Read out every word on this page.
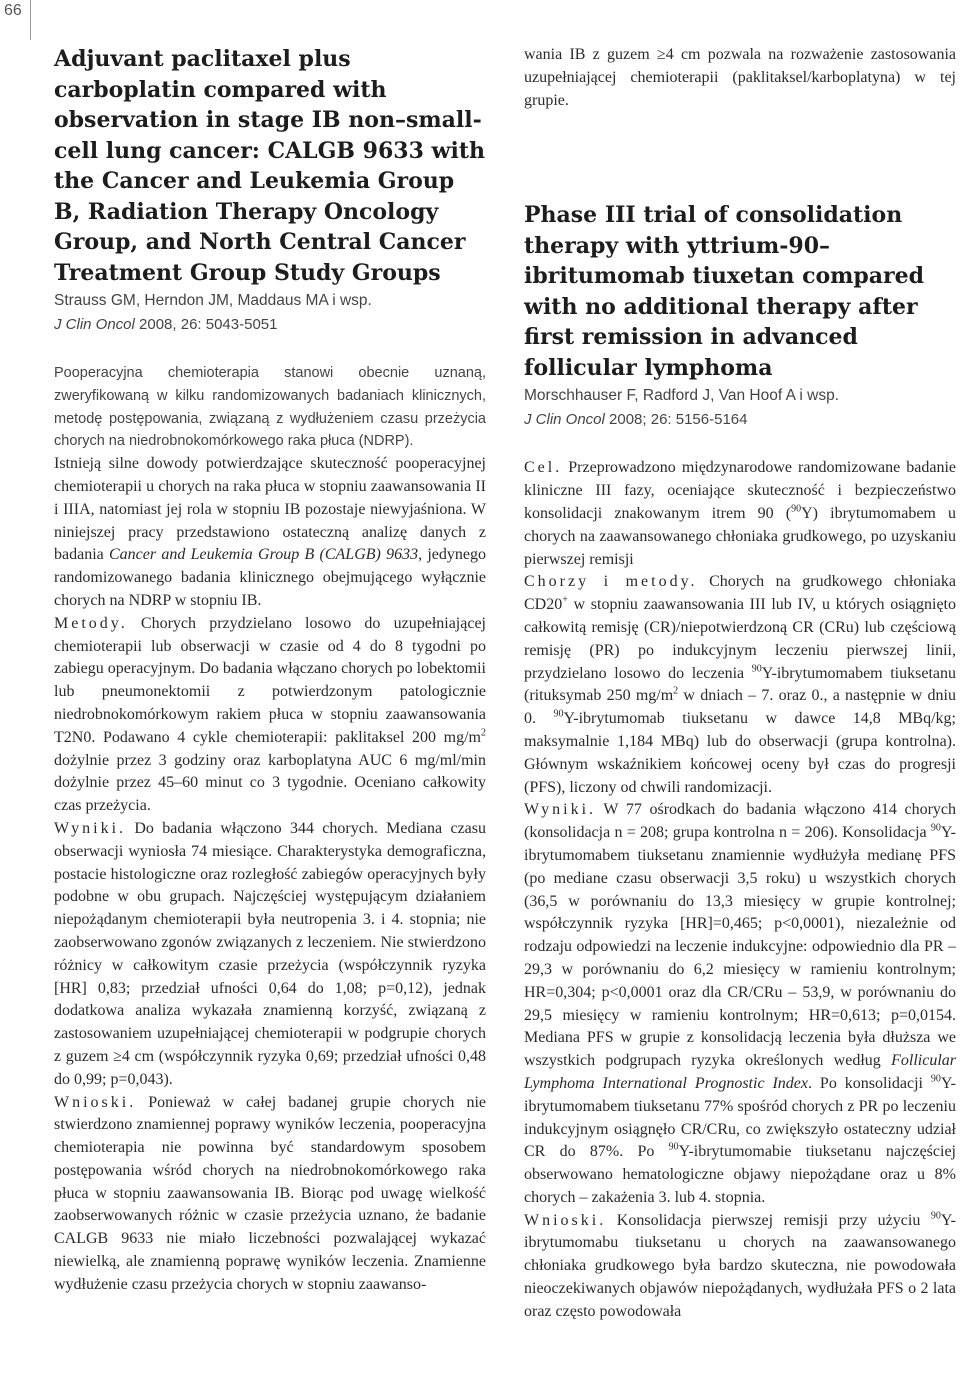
66
Adjuvant paclitaxel plus carboplatin compared with observation in stage IB non–small-cell lung cancer: CALGB 9633 with the Cancer and Leukemia Group B, Radiation Therapy Oncology Group, and North Central Cancer Treatment Group Study Groups

Strauss GM, Herndon JM, Maddaus MA i wsp.

J Clin Oncol 2008, 26: 5043-5051

Pooperacyjna chemioterapia stanowi obecnie uznaną, zweryfikowaną w kilku randomizowanych badaniach klinicznych, metodę postępowania, związaną z wydłużeniem czasu przeżycia chorych na niedrobnokomórkowego raka płuca (NDRP).

Istnieją silne dowody potwierdzające skuteczność pooperacyjnej chemioterapii u chorych na raka płuca w stopniu zaawansowania II i IIIA, natomiast jej rola w stopniu IB pozostaje niewyjaśniona. W niniejszej pracy przedstawiono ostateczną analizę danych z badania Cancer and Leukemia Group B (CALGB) 9633, jedynego randomizowanego badania klinicznego obejmującego wyłącznie chorych na NDRP w stopniu IB.

Metody. Chorych przydzielano losowo do uzupełniającej chemioterapii lub obserwacji w czasie od 4 do 8 tygodni po zabiegu operacyjnym. Do badania włączano chorych po lobektomii lub pneumonektomii z potwierdzonym patologicznie niedrobnokomórkowym rakiem płuca w stopniu zaawansowania T2N0. Podawano 4 cykle chemioterapii: paklitaksel 200 $mg/m^2$ dożylnie przez 3 godziny oraz karboplatyna AUC 6 mg/ml/min dożylnie przez 45–60 minut co 3 tygodnie. Oceniano całkowity czas przeżycia.

Wyniki. Do badania włączono 344 chorych. Mediana czasu obserwacji wyniosła 74 miesiące. Charakterystyka demograficzna, postacie histologiczne oraz rozległość zabiegów operacyjnych były podobne w obu grupach. Najczęściej występującym działaniem niepożądanym chemioterapii była neutropenia 3. i 4. stopnia; nie zaobserwowano zgonów związanych z leczeniem. Nie stwierdzono różnicy w całkowitym czasie przeżycia (współczynnik ryzyka [HR] 0,83; przedział ufności 0,64 do 1,08; p=0,12), jednak dodatkowa analiza wykazała znamienną korzyść, związaną z zastosowaniem uzupełniającej chemioterapii w podgrupie chorych z guzem ≥4 cm (współczynnik ryzyka 0,69; przedział ufności 0,48 do 0,99; p=0,043).

Wnioski. Ponieważ w całej badanej grupie chorych nie stwierdzono znamiennej poprawy wyników leczenia, pooperacyjna chemioterapia nie powinna być standardowym sposobem postępowania wśród chorych na niedrobnokomórkowego raka płuca w stopniu zaawansowania IB. Biorąc pod uwagę wielkość zaobserwowanych różnic w czasie przeżycia uznano, że badanie CALGB 9633 nie miało liczebności pozwalającej wykazać niewielką, ale znamienną poprawę wyników leczenia. Znamienne wydłużenie czasu przeżycia chorych w stopniu zaawanso-

wania IB z guzem ≥4 cm pozwala na rozważenie zastosowania uzupełniającej chemioterapii (paklitaksel/karboplatyna) w tej grupie.

Phase III trial of consolidation therapy with yttrium-90–ibritumomab tiuxetan compared with no additional therapy after first remission in advanced follicular lymphoma

Morschhauser F, Radford J, Van Hoof A i wsp.

J Clin Oncol 2008; 26: 5156-5164

Cel. Przeprowadzono międzynarodowe randomizowane badanie kliniczne III fazy, oceniające skuteczność i bezpieczeństwo konsolidacji znakowanym itrem 90 ($^{90}$Y) ibrytumomabem u chorych na zaawansowanego chłoniaka grudkowego, po uzyskaniu pierwszej remisji

Chorzy i metody. Chorych na grudkowego chłoniaka CD20+ w stopniu zaawansowania III lub IV, u których osiągnięto całkowitą remisję (CR)/niepotwierdzoną CR (CRu) lub częściową remisję (PR) po indukcyjnym leczeniu pierwszej linii, przydzielano losowo do leczenia $^{90}$Y-ibrytumomabem tiuksetanu (rituksymab 250 $mg/m^2$ w dniach – 7. oraz 0., a następnie w dniu 0. $^{90}$Y-ibrytumomab tiuksetanu w dawce 14,8 MBq/kg; maksymalnie 1,184 MBq) lub do obserwacji (grupa kontrolna). Głównym wskaźnikiem końcowej oceny był czas do progresji (PFS), liczony od chwili randomizacji.

Wyniki. W 77 ośrodkach do badania włączono 414 chorych (konsolidacja n = 208; grupa kontrolna n = 206). Konsolidacja $^{90}$Y-ibrytumomabem tiuksetanu znamiennie wydłużyła medianę PFS (po mediane czasu obserwacji 3,5 roku) u wszystkich chorych (36,5 w porównaniu do 13,3 miesięcy w grupie kontrolnej; współczynnik ryzyka [HR]=0,465; p<0,0001), niezależnie od rodzaju odpowiedzi na leczenie indukcyjne: odpowiednio dla PR – 29,3 w porównaniu do 6,2 miesięcy w ramieniu kontrolnym; HR=0,304; p<0,0001 oraz dla CR/CRu – 53,9, w porównaniu do 29,5 miesięcy w ramieniu kontrolnym; HR=0,613; p=0,0154. Mediana PFS w grupie z konsolidacją leczenia była dłuższa we wszystkich podgrupach ryzyka określonych według Follicular Lymphoma International Prognostic Index. Po konsolidacji $^{90}$Y-ibrytumomabem tiuksetanu 77% spośród chorych z PR po leczeniu indukcyjnym osiągnęło CR/CRu, co zwiększyło ostateczny udział CR do 87%. Po $^{90}$Y-ibrytumomabie tiuksetanu najczęściej obserwowano hematologiczne objawy niepożądane oraz u 8% chorych – zakażenia 3. lub 4. stopnia.

Wnioski. Konsolidacja pierwszej remisji przy użyciu $^{90}$Y-ibrytumomabu tiuksetanu u chorych na zaawansowanego chłoniaka grudkowego była bardzo skuteczna, nie powodowała nieoczekiwanych objawów niepożądanych, wydłużała PFS o 2 lata oraz często powodowała
